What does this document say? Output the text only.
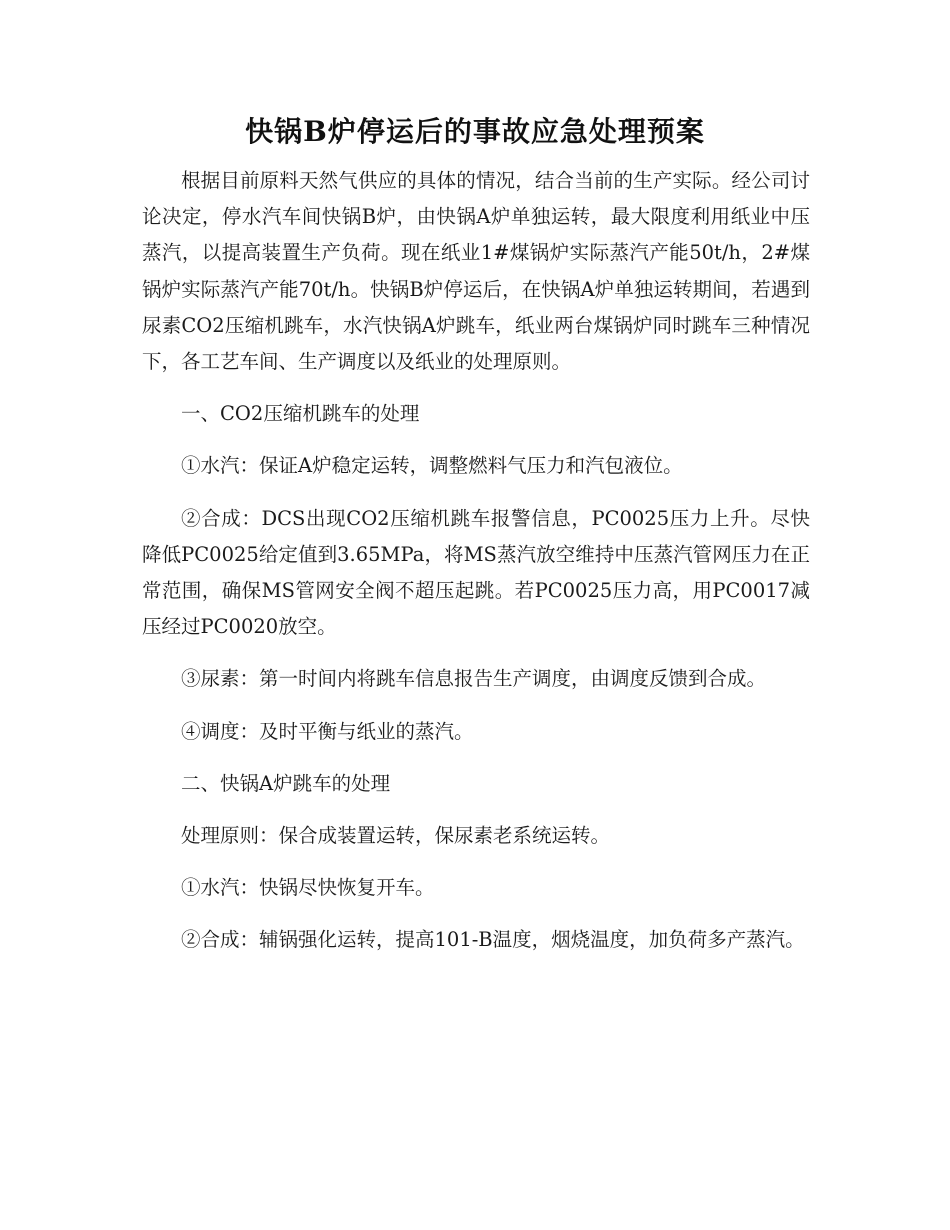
快锅B炉停运后的事故应急处理预案

根据目前原料天然气供应的具体的情况，结合当前的生产实际。经公司讨论决定，停水汽车间快锅B炉，由快锅A炉单独运转，最大限度利用纸业中压蒸汽，以提高装置生产负荷。现在纸业1#煤锅炉实际蒸汽产能50t/h，2#煤锅炉实际蒸汽产能70t/h。快锅B炉停运后，在快锅A炉单独运转期间，若遇到尿素CO2压缩机跳车，水汽快锅A炉跳车，纸业两台煤锅炉同时跳车三种情况下，各工艺车间、生产调度以及纸业的处理原则。

一、CO2压缩机跳车的处理

①水汽：保证A炉稳定运转，调整燃料气压力和汽包液位。

②合成：DCS出现CO2压缩机跳车报警信息，PC0025压力上升。尽快降低PC0025给定值到3.65MPa，将MS蒸汽放空维持中压蒸汽管网压力在正常范围，确保MS管网安全阀不超压起跳。若PC0025压力高，用PC0017减压经过PC0020放空。

③尿素：第一时间内将跳车信息报告生产调度，由调度反馈到合成。

④调度：及时平衡与纸业的蒸汽。

二、快锅A炉跳车的处理

处理原则：保合成装置运转，保尿素老系统运转。

①水汽：快锅尽快恢复开车。

②合成：辅锅强化运转，提高101-B温度，烟烧温度，加负荷多产蒸汽。
